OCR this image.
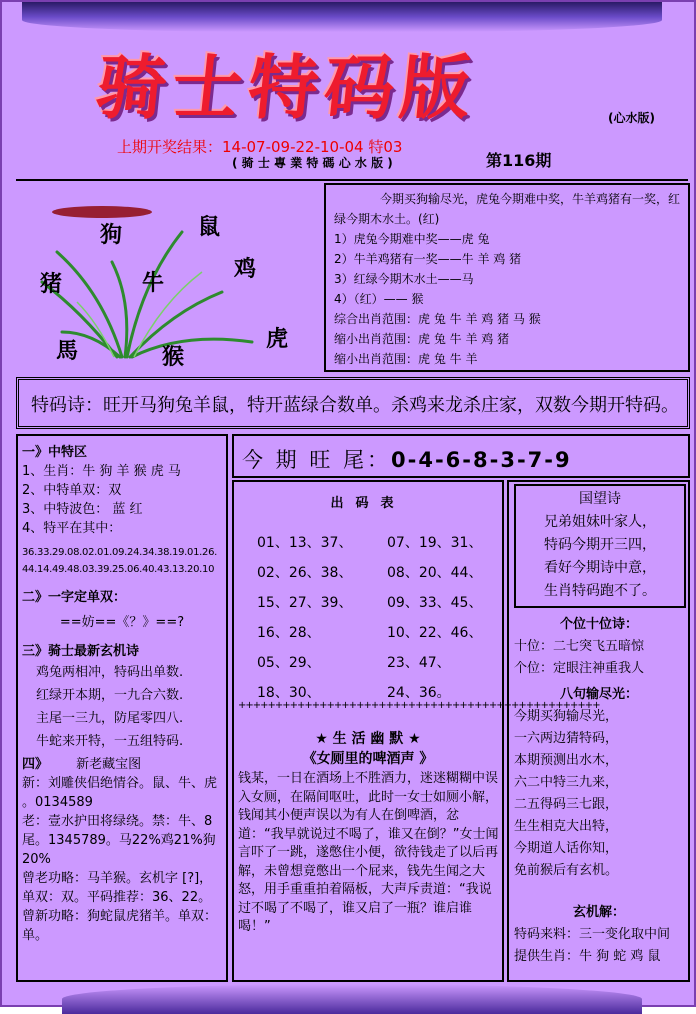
骑士特码版	(心水版)
上期开奖结果：14-07-09-22-10-04 特03
( 骑 士 專 業 特 碼 心 水 版 )	第116期
狗	鼠
猪	牛
鸡
馬	猴
虎
今期买狗输尽光，虎兔今期难中奖，牛羊鸡猪有一奖，红绿今期木水土。(红)
1）虎兔今期难中奖——虎 兔
2）牛羊鸡猪有一奖——牛 羊 鸡 猪
3）红绿今期木水土——马
4）（红）—— 猴
综合出肖范围：虎 兔 牛 羊 鸡 猪 马 猴
缩小出肖范围：虎 兔 牛 羊 鸡 猪
缩小出肖范围：虎 兔 牛 羊
特码诗：旺开马狗兔羊鼠，特开蓝绿合数单。杀鸡来龙杀庄家，双数今期开特码。
一》中特区
1、生肖：牛 狗 羊 猴 虎 马
2、中特单双：双
3、中特波色： 蓝 红
4、特平在其中：
36.33.29.08.02.01.09.24.34.38.19.01.26.
44.14.49.48.03.39.25.06.40.43.13.20.10
二》一字定单双：
==妨==《？》==?
三》骑士最新玄机诗
鸡兔两相冲，特码出单数.
红绿开本期，一九合六数.
主尾一三九，防尾零四八.
牛蛇来开特，一五组特码.
四》 新老藏宝图
新：刘雕侠侣绝情谷。鼠、牛、虎
。0134589
老：壹水护田将绿绕。禁：牛、8
尾。1345789。马22%鸡21%狗20%
曾老功略：马羊猴。玄机字 [?]，
单双：双。平码推荐：36、22。
曾新功略：狗蛇鼠虎猪羊。单双：
单。
今 期 旺 尾：0-4-6-8-3-7-9
出码表
01、13、37、 07、19、31、
02、26、38、 08、20、44、
15、27、39、 09、33、45、
16、28、	10、22、46、
05、29、	23、47、
18、30、	24、36。
+++++++++++++++++++++++++++++++++++++++++++++++++
★ 生 活 幽 默 ★
《女厕里的啤酒声 》
钱某，一日在酒场上不胜酒力，迷迷糊糊中误入女厕，在隔间呕吐，此时一女士如厕小解，钱闻其小便声误以为有人在倒啤酒，忿道：“我早就说过不喝了，谁又在倒？”女士闻言吓了一跳，遂憋住小便，欲待钱走了以后再解，未曾想竟憋出一个屁来，钱先生闻之大怒，用手重重拍着隔板，大声斥责道：“我说过不喝了不喝了，谁又启了一瓶？谁启谁喝！”
国望诗
兄弟姐妹叶家人，
特码今期开三四，
看好今期诗中意，
生肖特码跑不了。
个位十位诗：
十位：二七突飞五暗惊
个位：定眼注神重我人
八句输尽光：
今期买狗输尽光，
一六两边猜特码，
本期预测出水木，
六二中特三九来，
二五得码三七跟，
生生相克大出特，
今期道人话你知，
免前猴后有玄机。
玄机解：
特码来料：三一变化取中间
提供生肖：牛 狗 蛇 鸡 鼠
